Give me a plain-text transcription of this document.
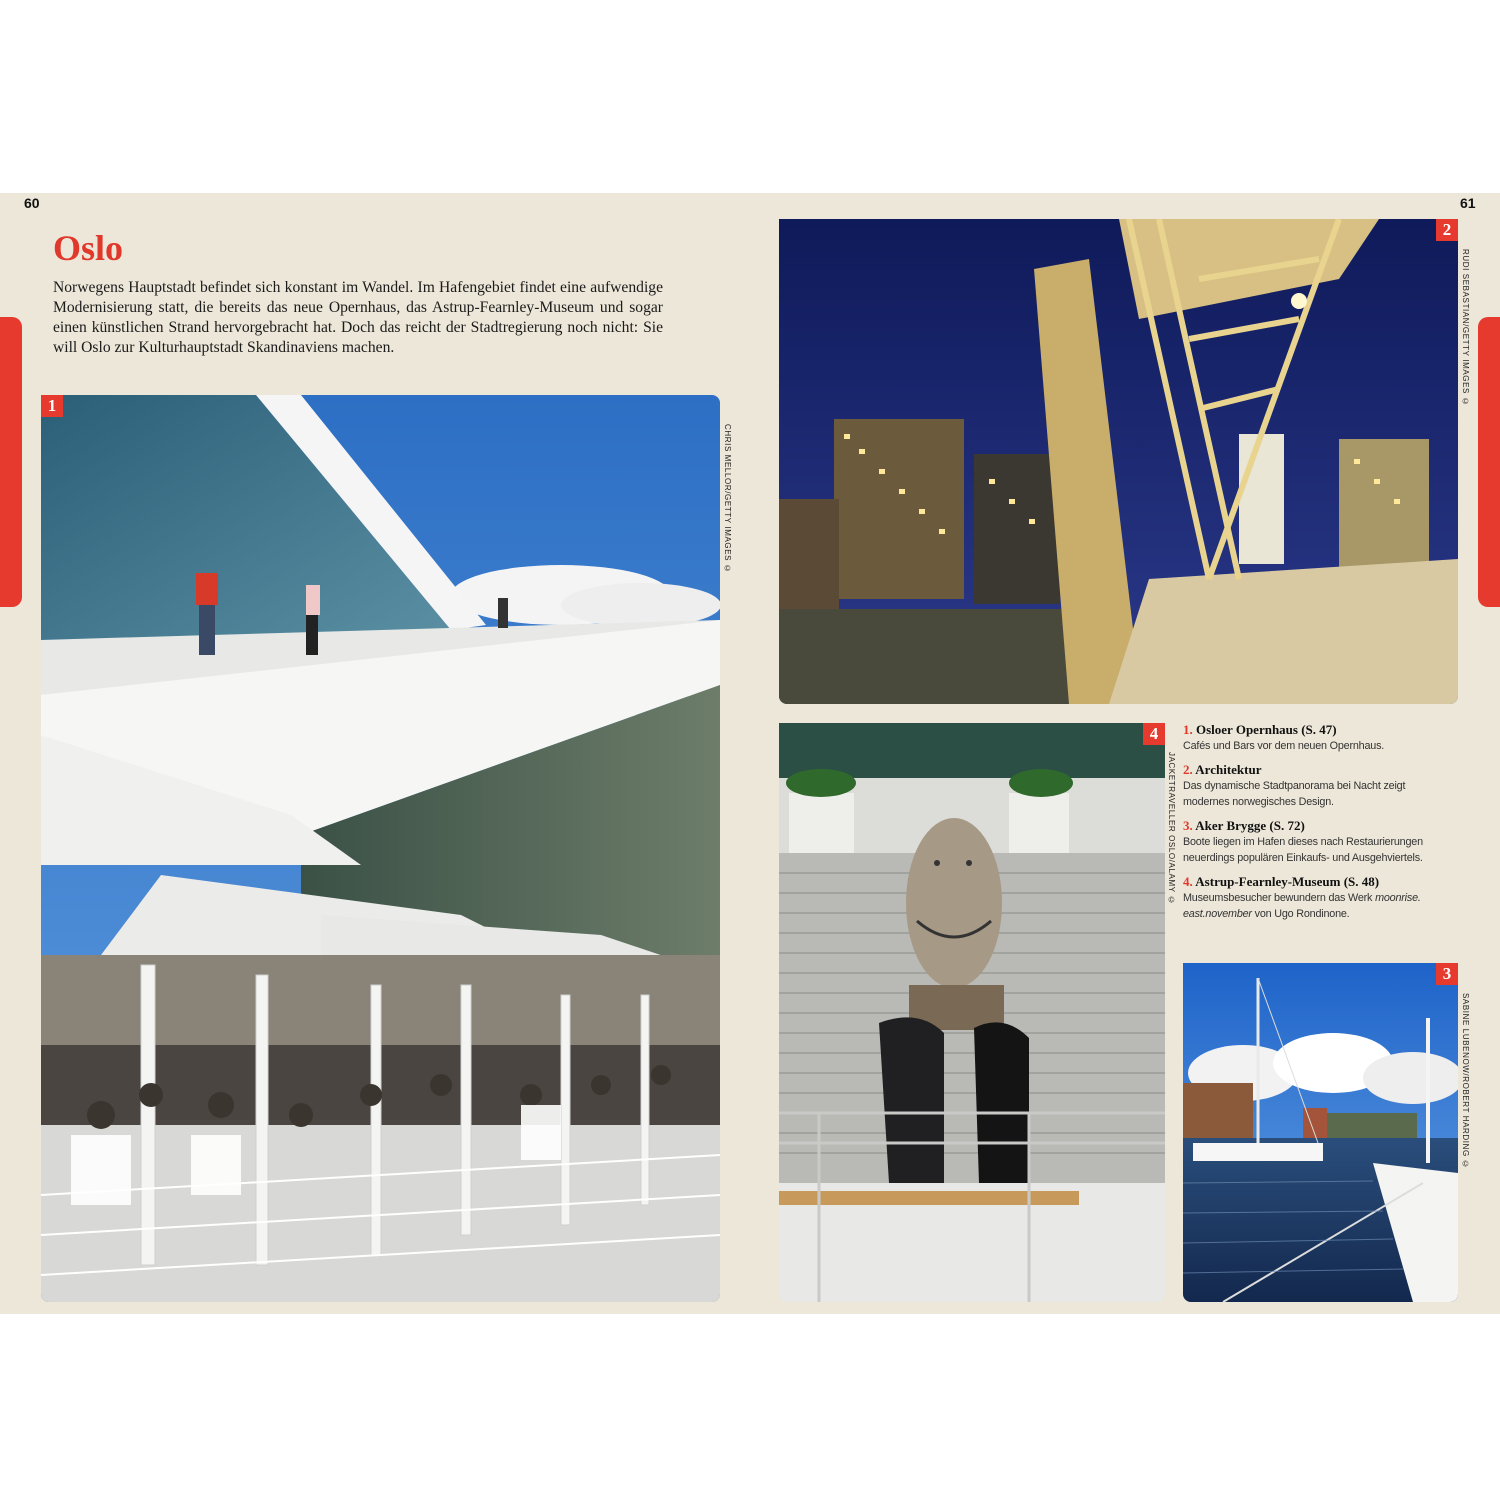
60	61
Oslo

Norwegens Hauptstadt befindet sich konstant im Wandel. Im Hafengebiet findet eine aufwendige Modernisierung statt, die bereits das neue Opernhaus, das Astrup-Fearnley-Museum und sogar einen künstlichen Strand hervorgebracht hat. Doch das reicht der Stadtregierung noch nicht: Sie will Oslo zur Kulturhauptstadt Skandinaviens machen.

1
CHRIS MELLOR/GETTY IMAGES ©
2
RUDI SEBASTIAN/GETTY IMAGES ©
4
JACKETRAVELLER OSLO/ALAMY ©
1. Osloer Opernhaus (S. 47)
Cafés und Bars vor dem neuen Opernhaus.
2. Architektur
Das dynamische Stadtpanorama bei Nacht zeigt modernes norwegisches Design.
3. Aker Brygge (S. 72)
Boote liegen im Hafen dieses nach Restaurierungen neuerdings populären Einkaufs- und Ausgehviertels.
4. Astrup-Fearnley-Museum (S. 48)
Museumsbesucher bewundern das Werk moonrise. east.november von Ugo Rondinone.
3
SABINE LUBENOW/ROBERT HARDING ©
